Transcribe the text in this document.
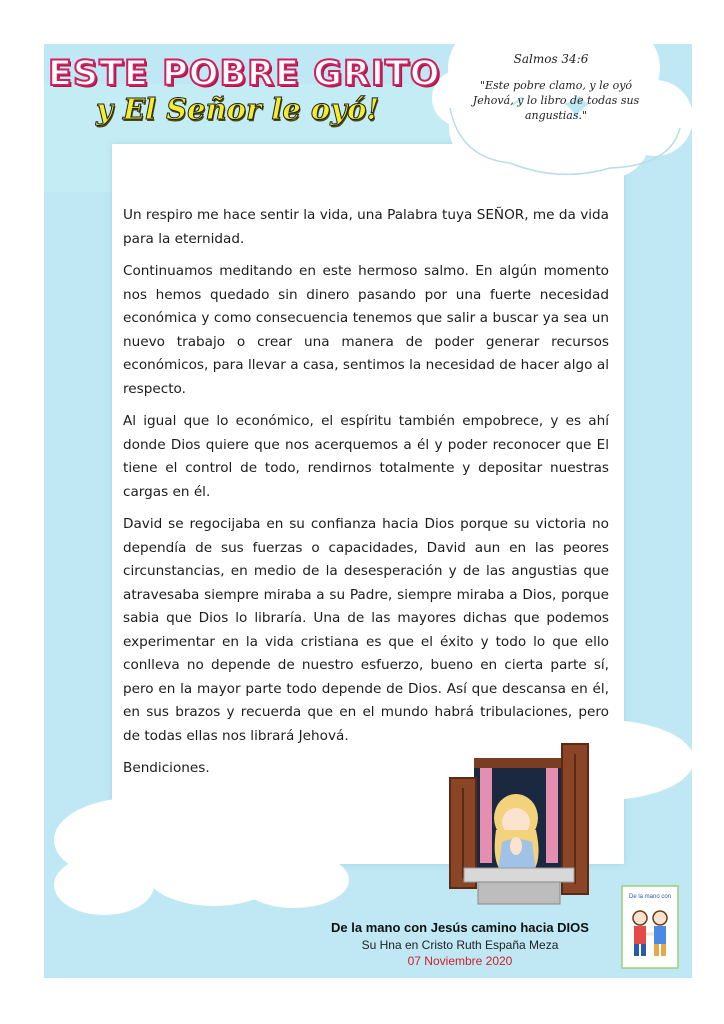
ESTE POBRE GRITO
y El Señor le oyó!
Salmos 34:6
"Este pobre clamo, y le oyó Jehová, y lo libro de todas sus angustias."

Un respiro me hace sentir la vida, una Palabra tuya SEÑOR, me da vida para la eternidad.

Continuamos meditando en este hermoso salmo. En algún momento nos hemos quedado sin dinero pasando por una fuerte necesidad económica y como consecuencia tenemos que salir a buscar ya sea un nuevo trabajo o crear una manera de poder generar recursos económicos, para llevar a casa, sentimos la necesidad de hacer algo al respecto.

Al igual que lo económico, el espíritu también empobrece, y es ahí donde Dios quiere que nos acerquemos a él y poder reconocer que El tiene el control de todo, rendirnos totalmente y depositar nuestras cargas en él.

David se regocijaba en su confianza hacia Dios porque su victoria no dependía de sus fuerzas o capacidades, David aun en las peores circunstancias, en medio de la desesperación y de las angustias que atravesaba siempre miraba a su Padre, siempre miraba a Dios, porque sabia que Dios lo libraría. Una de las mayores dichas que podemos experimentar en la vida cristiana es que el éxito y todo lo que ello conlleva no depende de nuestro esfuerzo, bueno en cierta parte sí, pero en la mayor parte todo depende de Dios. Así que descansa en él, en sus brazos y recuerda que en el mundo habrá tribulaciones, pero de todas ellas nos librará Jehová.

Bendiciones.

De la mano con Jesús camino hacia DIOS
Su Hna en Cristo Ruth España Meza
07 Noviembre 2020
De la mano con
